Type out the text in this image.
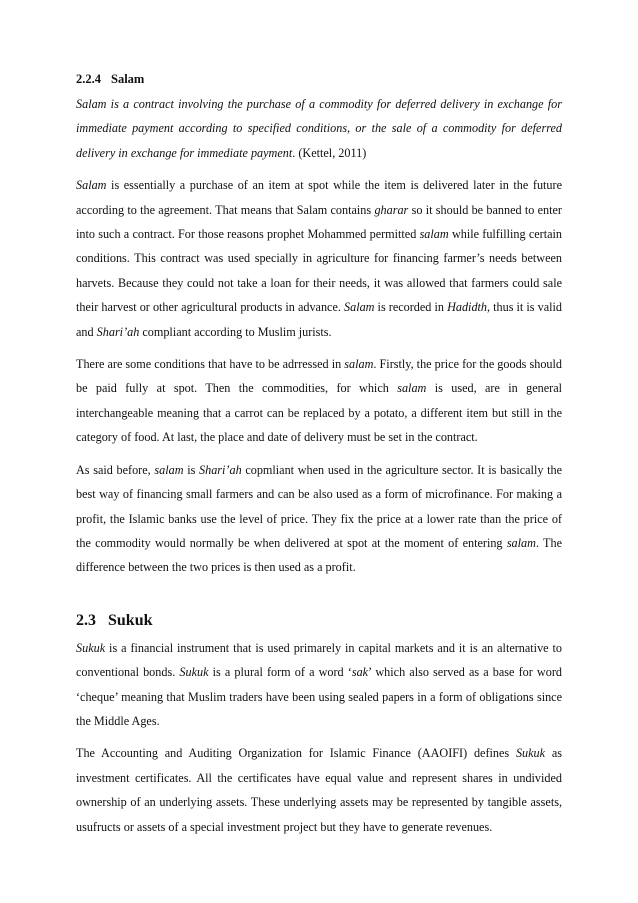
2.2.4 Salam

Salam is a contract involving the purchase of a commodity for deferred delivery in exchange for immediate payment according to specified conditions, or the sale of a commodity for deferred delivery in exchange for immediate payment. (Kettel, 2011)

Salam is essentially a purchase of an item at spot while the item is delivered later in the future according to the agreement. That means that Salam contains gharar so it should be banned to enter into such a contract. For those reasons prophet Mohammed permitted salam while fulfilling certain conditions. This contract was used specially in agriculture for financing farmer’s needs between harvets. Because they could not take a loan for their needs, it was allowed that farmers could sale their harvest or other agricultural products in advance. Salam is recorded in Hadidth, thus it is valid and Shari’ah compliant according to Muslim jurists.

There are some conditions that have to be adrressed in salam. Firstly, the price for the goods should be paid fully at spot. Then the commodities, for which salam is used, are in general interchangeable meaning that a carrot can be replaced by a potato, a different item but still in the category of food. At last, the place and date of delivery must be set in the contract.

As said before, salam is Shari’ah copmliant when used in the agriculture sector. It is basically the best way of financing small farmers and can be also used as a form of microfinance. For making a profit, the Islamic banks use the level of price. They fix the price at a lower rate than the price of the commodity would normally be when delivered at spot at the moment of entering salam. The difference between the two prices is then used as a profit.

2.3 Sukuk

Sukuk is a financial instrument that is used primarely in capital markets and it is an alternative to conventional bonds. Sukuk is a plural form of a word ‘sak’ which also served as a base for word ‘cheque’ meaning that Muslim traders have been using sealed papers in a form of obligations since the Middle Ages.

The Accounting and Auditing Organization for Islamic Finance (AAOIFI) defines Sukuk as investment certificates. All the certificates have equal value and represent shares in undivided ownership of an underlying assets. These underlying assets may be represented by tangible assets, usufructs or assets of a special investment project but they have to generate revenues.
